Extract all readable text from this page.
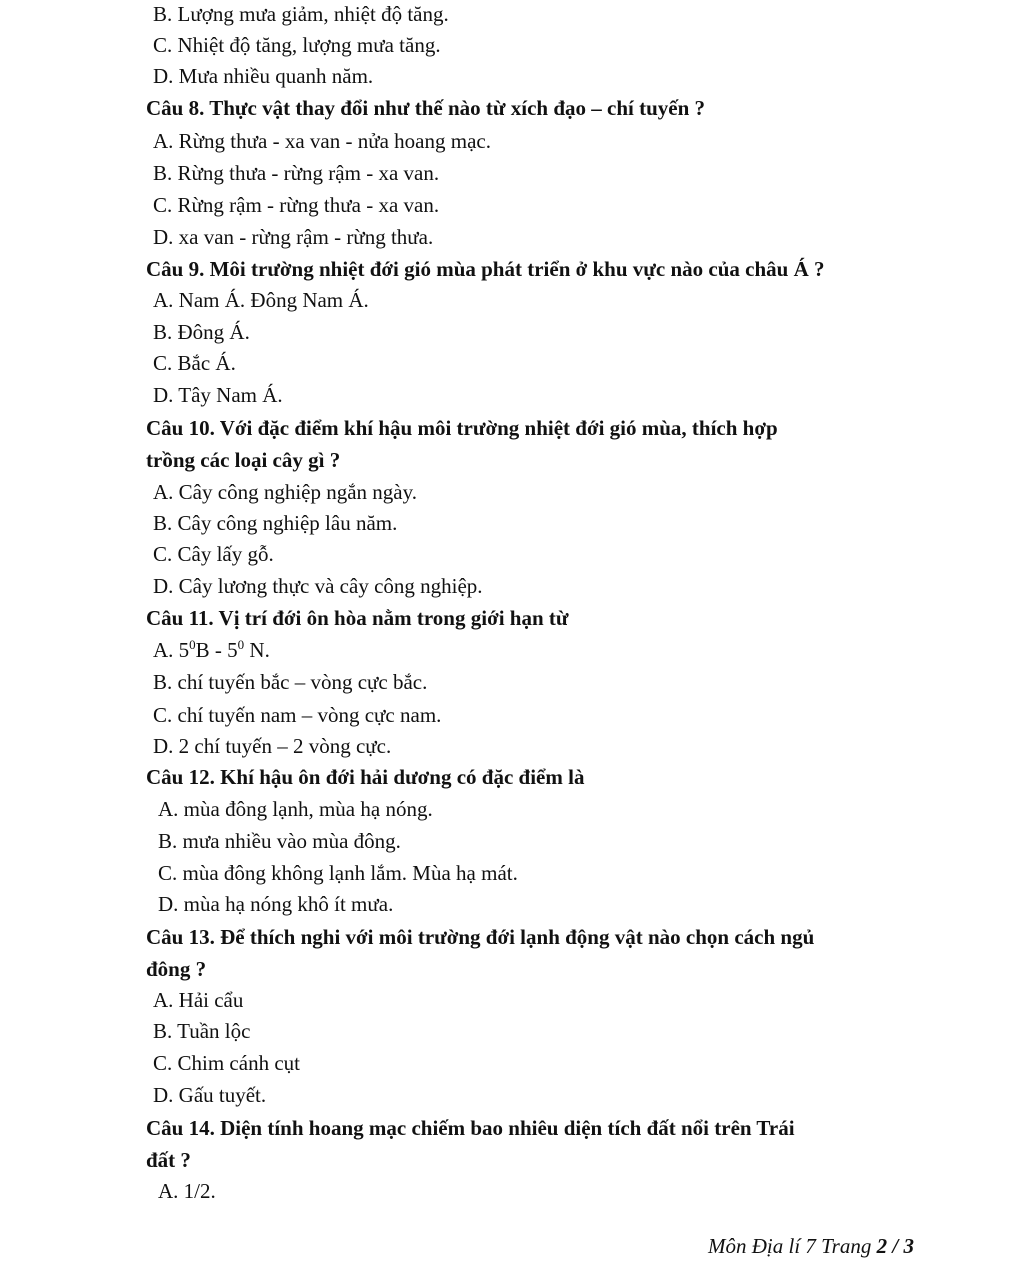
B. Lượng mưa giảm, nhiệt độ tăng.
C. Nhiệt độ tăng, lượng mưa tăng.
D. Mưa nhiều quanh năm.
Câu 8. Thực vật thay đổi như thế nào từ xích đạo – chí tuyến ?
A. Rừng thưa - xa van - nửa hoang mạc.
B. Rừng thưa - rừng rậm - xa van.
C. Rừng rậm - rừng thưa - xa van.
D. xa van - rừng rậm - rừng thưa.
Câu 9. Môi trường nhiệt đới gió mùa phát triển ở khu vực nào của châu Á ?
A. Nam Á. Đông Nam Á.
B. Đông Á.
C. Bắc Á.
D. Tây Nam Á.
Câu 10. Với đặc điểm khí hậu môi trường nhiệt đới gió mùa, thích hợp
trồng các loại cây gì ?
A. Cây công nghiệp ngắn ngày.
B. Cây công nghiệp lâu năm.
C. Cây lấy gỗ.
D. Cây lương thực và cây công nghiệp.
Câu 11. Vị trí đới ôn hòa nằm trong giới hạn từ
A. $5^0B - 5^0$ N.
B. chí tuyến bắc – vòng cực bắc.
C. chí tuyến nam – vòng cực nam.
D. 2 chí tuyến – 2 vòng cực.
Câu 12. Khí hậu ôn đới hải dương có đặc điểm là
A. mùa đông lạnh, mùa hạ nóng.
B. mưa nhiều vào mùa đông.
C. mùa đông không lạnh lắm. Mùa hạ mát.
D. mùa hạ nóng khô ít mưa.
Câu 13. Để thích nghi với môi trường đới lạnh động vật nào chọn cách ngủ
đông ?
A. Hải cẩu
B. Tuần lộc
C. Chim cánh cụt
D. Gấu tuyết.
Câu 14. Diện tính hoang mạc chiếm bao nhiêu diện tích đất nổi trên Trái
đất ?
A. 1/2.
Môn Địa lí 7 Trang 2 / 3
